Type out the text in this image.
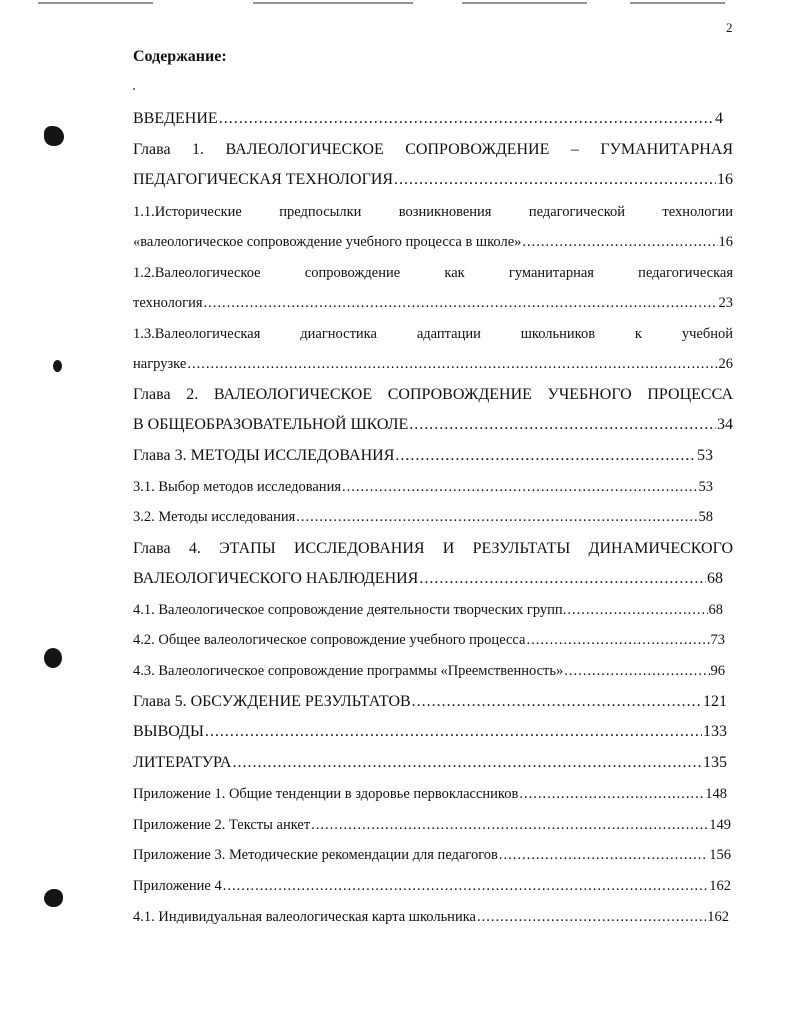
2
Содержание:
ВВЕДЕНИЕ .....	4
Глава 1. ВАЛЕОЛОГИЧЕСКОЕ СОПРОВОЖДЕНИЕ – ГУМАНИТАРНАЯ
ПЕДАГОГИЧЕСКАЯ ТЕХНОЛОГИЯ .....	16
1.1.Исторические предпосылки возникновения педагогической технологии
«валеологическое сопровождение учебного процесса в школе» .....	16
1.2.Валеологическое сопровождение как гуманитарная педагогическая
технология .....	23
1.3.Валеологическая диагностика адаптации школьников к учебной
нагрузке .....	26
Глава 2. ВАЛЕОЛОГИЧЕСКОЕ СОПРОВОЖДЕНИЕ УЧЕБНОГО ПРОЦЕССА
В ОБЩЕОБРАЗОВАТЕЛЬНОЙ ШКОЛЕ .....	34
Глава 3. МЕТОДЫ ИССЛЕДОВАНИЯ .....	53
3.1. Выбор методов исследования .....	53
3.2. Методы исследования .....	58
Глава 4. ЭТАПЫ ИССЛЕДОВАНИЯ И РЕЗУЛЬТАТЫ ДИНАМИЧЕСКОГО
ВАЛЕОЛОГИЧЕСКОГО НАБЛЮДЕНИЯ .....	68
4.1. Валеологическое сопровождение деятельности творческих групп. .....	68
4.2. Общее валеологическое сопровождение учебного процесса .....	73
4.3. Валеологическое сопровождение программы «Преемственность» .....	96
Глава 5. ОБСУЖДЕНИЕ РЕЗУЛЬТАТОВ .....	121
ВЫВОДЫ .....	133
ЛИТЕРАТУРА .....	135
Приложение 1. Общие тенденции в здоровье первоклассников .....	148
Приложение 2. Тексты анкет .....	149
Приложение 3. Методические рекомендации для педагогов .....	156
Приложение 4 .....	162
4.1. Индивидуальная валеологическая карта школьника .....	162
